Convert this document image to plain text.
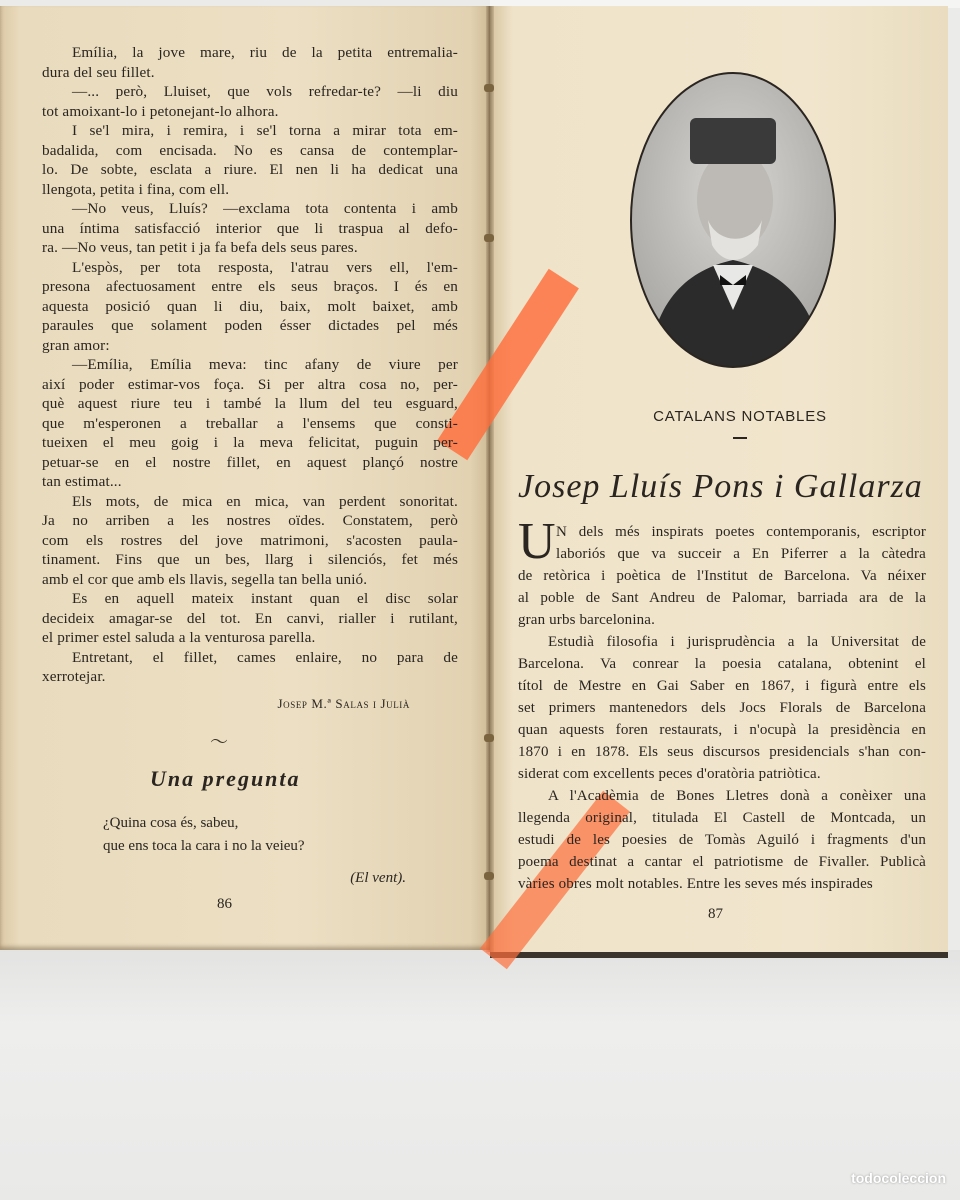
Emília, la jove mare, riu de la petita entremalia-
dura del seu fillet.
—... però, Lluiset, que vols refredar-te? —li diu
tot amoixant-lo i petonejant-lo alhora.
I se'l mira, i remira, i se'l torna a mirar tota em-
badalida, com encisada. No es cansa de contemplar-
lo. De sobte, esclata a riure. El nen li ha dedicat una
llengota, petita i fina, com ell.
—No veus, Lluís? —exclama tota contenta i amb
una íntima satisfacció interior que li traspua al defo-
ra. —No veus, tan petit i ja fa befa dels seus pares.
L'espòs, per tota resposta, l'atrau vers ell, l'em-
presona afectuosament entre els seus braços. I és en
aquesta posició quan li diu, baix, molt baixet, amb
paraules que solament poden ésser dictades pel més
gran amor:
—Emília, Emília meva: tinc afany de viure per
així poder estimar-vos foça. Si per altra cosa no, per-
què aquest riure teu i també la llum del teu esguard,
que m'esperonen a treballar a l'ensems que consti-
tueixen el meu goig i la meva felicitat, puguin per-
petuar-se en el nostre fillet, en aquest plançó nostre
tan estimat...
Els mots, de mica en mica, van perdent sonoritat.
Ja no arriben a les nostres oïdes. Constatem, però
com els rostres del jove matrimoni, s'acosten paula-
tinament. Fins que un bes, llarg i silenciós, fet més
amb el cor que amb els llavis, segella tan bella unió.
Es en aquell mateix instant quan el disc solar
decideix amagar-se del tot. En canvi, rialler i rutilant,
el primer estel saluda a la venturosa parella.
Entretant, el fillet, cames enlaire, no para de
xerrotejar.
Josep M.ª Salas i Julià
〜
Una pregunta
¿Quina cosa és, sabeu,
que ens toca la cara i no la veieu?
(El vent).
86
CATALANS NOTABLES
Josep Lluís Pons i Gallarza
N dels més inspirats poetes contemporanis, escriptor
laboriós que va succeir a En Piferrer a la càtedra
de retòrica i poètica de l'Institut de Barcelona. Va néixer
al poble de Sant Andreu de Palomar, barriada ara de la
gran urbs barcelonina.
Estudià filosofia i jurisprudència a la Universitat de
Barcelona. Va conrear la poesia catalana, obtenint el
títol de Mestre en Gai Saber en 1867, i figurà entre els
set primers mantenedors dels Jocs Florals de Barcelona
quan aquests foren restaurats, i n'ocupà la presidència en
1870 i en 1878. Els seus discursos presidencials s'han con-
siderat com excellents peces d'oratòria patriòtica.
A l'Acadèmia de Bones Lletres donà a conèixer una
llegenda original, titulada El Castell de Montcada, un
estudi de les poesies de Tomàs Aguiló i fragments d'un
poema destinat a cantar el patriotisme de Fivaller. Publicà
vàries obres molt notables. Entre les seves més inspirades
U
87
todocoleccion
